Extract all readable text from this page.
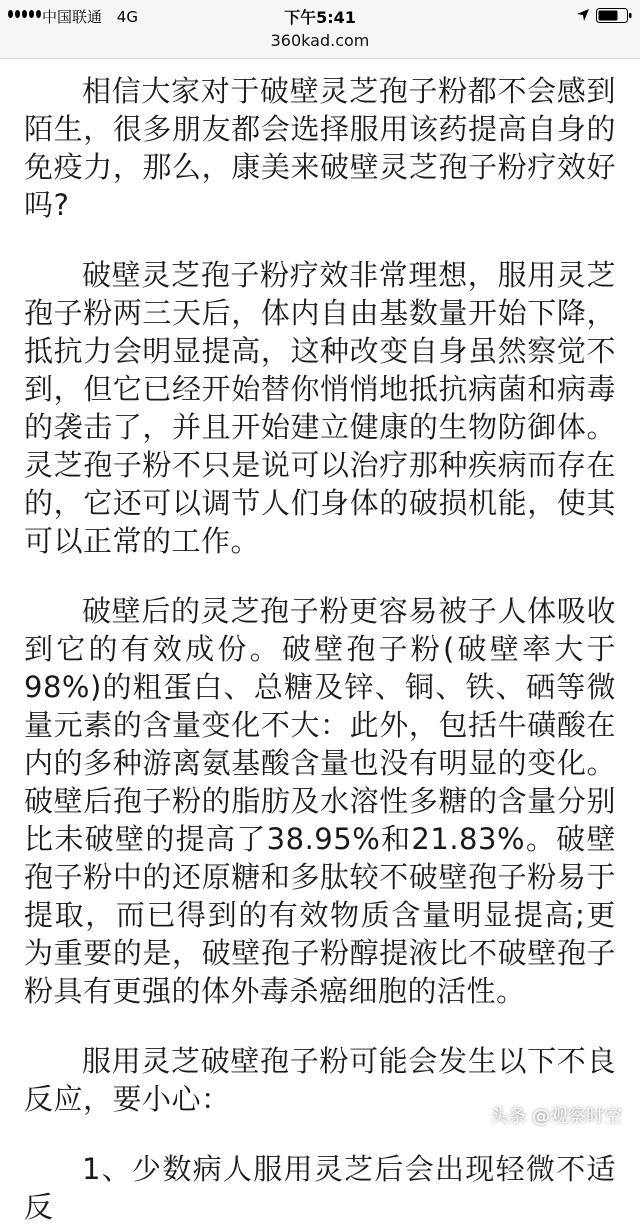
中国联通 4G	下午5:41
360kad.com

相信大家对于破壁灵芝孢子粉都不会感到陌生，很多朋友都会选择服用该药提高自身的免疫力，那么，康美来破壁灵芝孢子粉疗效好吗?

破壁灵芝孢子粉疗效非常理想，服用灵芝孢子粉两三天后，体内自由基数量开始下降，抵抗力会明显提高，这种改变自身虽然察觉不到，但它已经开始替你悄悄地抵抗病菌和病毒的袭击了，并且开始建立健康的生物防御体。灵芝孢子粉不只是说可以治疗那种疾病而存在的，它还可以调节人们身体的破损机能，使其可以正常的工作。

破壁后的灵芝孢子粉更容易被子人体吸收到它的有效成份。破壁孢子粉(破壁率大于98%)的粗蛋白、总糖及锌、铜、铁、硒等微量元素的含量变化不大：此外，包括牛磺酸在内的多种游离氨基酸含量也没有明显的变化。破壁后孢子粉的脂肪及水溶性多糖的含量分别比未破壁的提高了38.95%和21.83%。破壁孢子粉中的还原糖和多肽较不破壁孢子粉易于提取，而已得到的有效物质含量明显提高;更为重要的是，破壁孢子粉醇提液比不破壁孢子粉具有更强的体外毒杀癌细胞的活性。

服用灵芝破壁孢子粉可能会发生以下不良反应，要小心：

1、少数病人服用灵芝后会出现轻微不适反	头条 @观察时空
